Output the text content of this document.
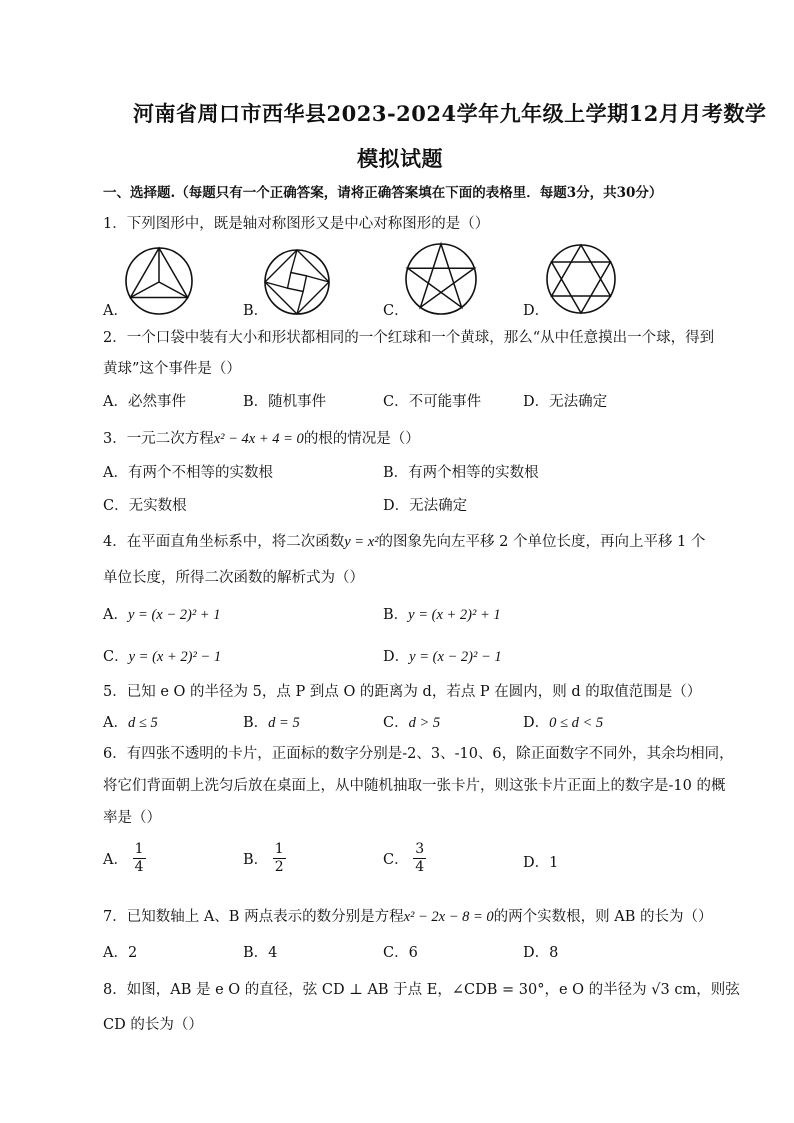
河南省周口市西华县2023-2024学年九年级上学期12月月考数学
模拟试题
一、选择题.（每题只有一个正确答案，请将正确答案填在下面的表格里．每题3分，共30分）
1．下列图形中，既是轴对称图形又是中心对称图形的是（）
A．	B．	C．	D．
2．一个口袋中装有大小和形状都相同的一个红球和一个黄球，那么“从中任意摸出一个球，得到
黄球”这个事件是（）
A．必然事件	B．随机事件	C．不可能事件	D．无法确定
3．一元二次方程x² − 4x + 4 = 0的根的情况是（）
A．有两个不相等的实数根	B．有两个相等的实数根
C．无实数根	D．无法确定
4．在平面直角坐标系中，将二次函数y = x²的图象先向左平移 2 个单位长度，再向上平移 1 个
单位长度，所得二次函数的解析式为（）
A．y = (x − 2)² + 1	B．y = (x + 2)² + 1
C．y = (x + 2)² − 1	D．y = (x − 2)² − 1
5．已知 e O 的半径为 5，点 P 到点 O 的距离为 d，若点 P 在圆内，则 d 的取值范围是（）
A．d ≤ 5	B．d = 5	C．d > 5	D．0 ≤ d < 5
6．有四张不透明的卡片，正面标的数字分别是-2、3、-10、6，除正面数字不同外，其余均相同，
将它们背面朝上洗匀后放在桌面上，从中随机抽取一张卡片，则这张卡片正面上的数字是-10 的概
率是（）
A． $\frac{1}{4}$	B． $\frac{1}{2}$	C． $\frac{3}{4}$	D．1
7．已知数轴上 A、B 两点表示的数分别是方程x² − 2x − 8 = 0的两个实数根，则 AB 的长为（）
A．2	B．4	C．6	D．8
8．如图，AB 是 e O 的直径，弦 CD ⊥ AB 于点 E，∠CDB = 30°，e O 的半径为 √3 cm，则弦
CD 的长为（）
